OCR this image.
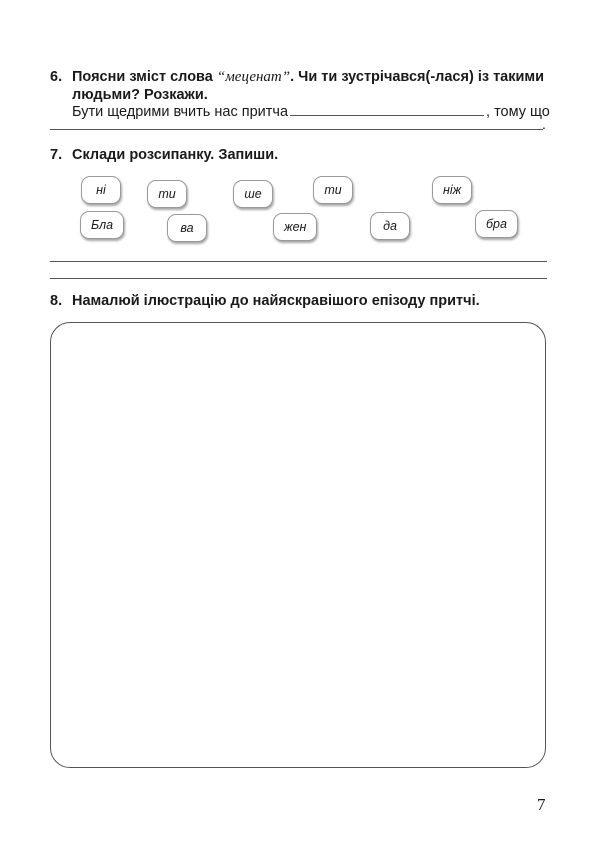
6. Поясни зміст слова “меценат”. Чи ти зустрічався(-лася) із такими
людьми? Розкажи.
Бути щедрими вчить нас притча	, тому що
.
7. Склади розсипанку. Запиши.
ні	ти	ше	ти	ніж
Бла	ва	жен	да	бра
8. Намалюй ілюстрацію до найяскравішого епізоду притчі.
7
